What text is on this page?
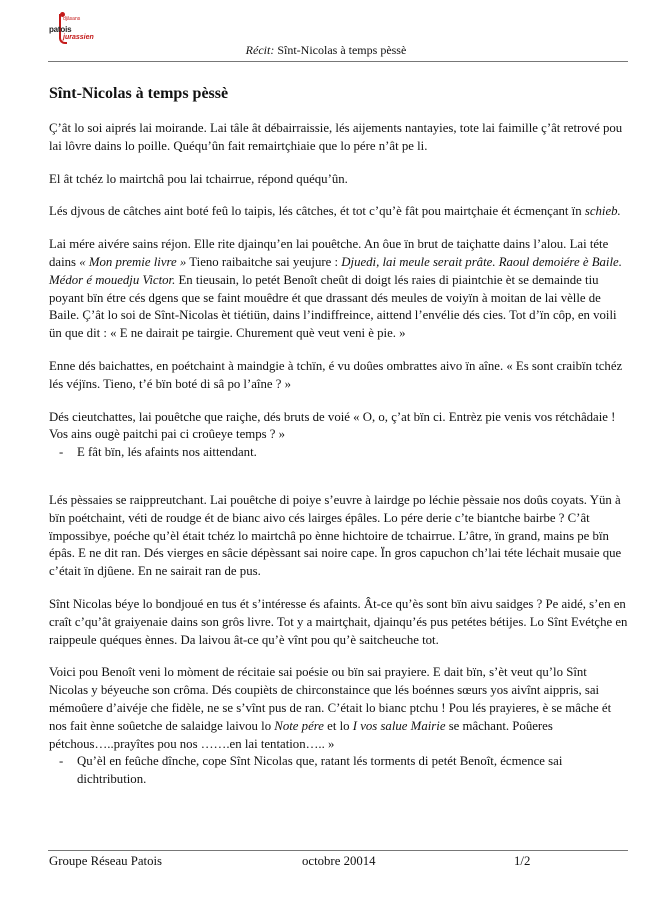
djâsans
patois
jurassien
Récit: Sînt-Nicolas à temps pèssè
Sînt-Nicolas à temps pèssè

Ç’ât lo soi aiprés lai moirande. Lai tâle ât débairraissie, lés aijements nantayies, tote lai faimille ç’ât retrové pou lai lôvre dains lo poille. Quéqu’ûn fait remairtçhiaie que lo pére n’ât pe li.

El ât tchéz lo mairtchâ pou lai tchairrue, répond quéqu’ûn.

Lés djvous de câtches aint boté feû lo taipis, lés câtches, ét tot c’qu’è fât pou mairtçhaie ét écmençant ïn schieb.

Lai mére aivére sains réjon. Elle rite djainqu’en lai pouêtche. An ôue ïn brut de taiçhatte dains l’alou. Lai téte dains « Mon premie livre » Tieno raibaitche sai yeujure : Djuedi, lai meule serait prâte. Raoul demoiére è Baile. Médor é mouedju Victor. En tieusain, lo petét Benoît cheût di doigt lés raies di piaintchie èt se demainde tiu poyant bïn étre cés dgens que se faint mouêdre ét que drassant dés meules de voiyïn à moitan de lai vèlle de Baile. Ç’ât lo soi de Sînt-Nicolas èt tiétiün, dains l’indiffreince, aittend l’envélie dés cies. Tot d’ïn côp, en voili ün que dit : « E ne dairait pe tairgie. Churement què veut veni è pie. »

Enne dés baichattes, en poétchaint à maindgie à tchïn, é vu doûes ombrattes aivo ïn aîne. « Es sont craibïn tchéz lés véjïns. Tieno, t’é bïn boté di sâ po l’aîne ? »

Dés cieutchattes, lai pouêtche que raiçhe, dés bruts de voié « O, o, ç’at bïn ci. Entrèz pie venis vos rétchâdaie ! Vos ains ougè paitchi pai ci croûeye temps ? »

- E fât bïn, lés afaints nos aittendant.

Lés pèssaies se raippreutchant. Lai pouêtche di poiye s’euvre à lairdge po léchie pèssaie nos doûs coyats. Yün à bïn poétchaint, véti de roudge ét de bianc aivo cés lairges épâles. Lo pére derie c’te biantche bairbe ? C’ât ïmpossibye, poéche qu’èl était tchéz lo mairtchâ po ènne hichtoire de tchairrue. L’âtre, ïn grand, mains pe bïn épâs. E ne dit ran. Dés vierges en sâcie dépèssant sai noire cape. Ïn gros capuchon ch’lai téte léchait musaie que c’était ïn djûene. En ne sairait ran de pus.

Sînt Nicolas béye lo bondjoué en tus ét s’intéresse és afaints. Ât-ce qu’ès sont bïn aivu saidges ? Pe aidé, s’en en craît c’qu’ât graiyenaie dains son grôs livre. Tot y a mairtçhait, djainqu’és pus petétes bétijes. Lo Sînt Evétçhe en raippeule quéques ènnes. Da laivou ât-ce qu’è vînt pou qu’è saitcheuche tot.

Voici pou Benoît veni lo mòment de récitaie sai poésie ou bïn sai prayiere. E dait bïn, s’èt veut qu’lo Sînt Nicolas y béyeuche son crôma. Dés coupièts de chirconstaince que lés boénnes sœurs yos aivînt aippris, sai mémoûere d’aivéje che fidèle, ne se s’vînt pus de ran. C’était lo bianc ptchu ! Pou lés prayieres, è se mâche ét nos fait ènne soûetche de salaidge laivou lo Note pére et lo I vos salue Mairie se mâchant. Poûeres pétchous…..prayîtes pou nos …….en lai tentation….. »

- Qu’èl en feûche dînche, cope Sînt Nicolas que, ratant lés torments di petét Benoît, écmence sai dichtribution.
Groupe Réseau Patois	octobre 20014	1/2
